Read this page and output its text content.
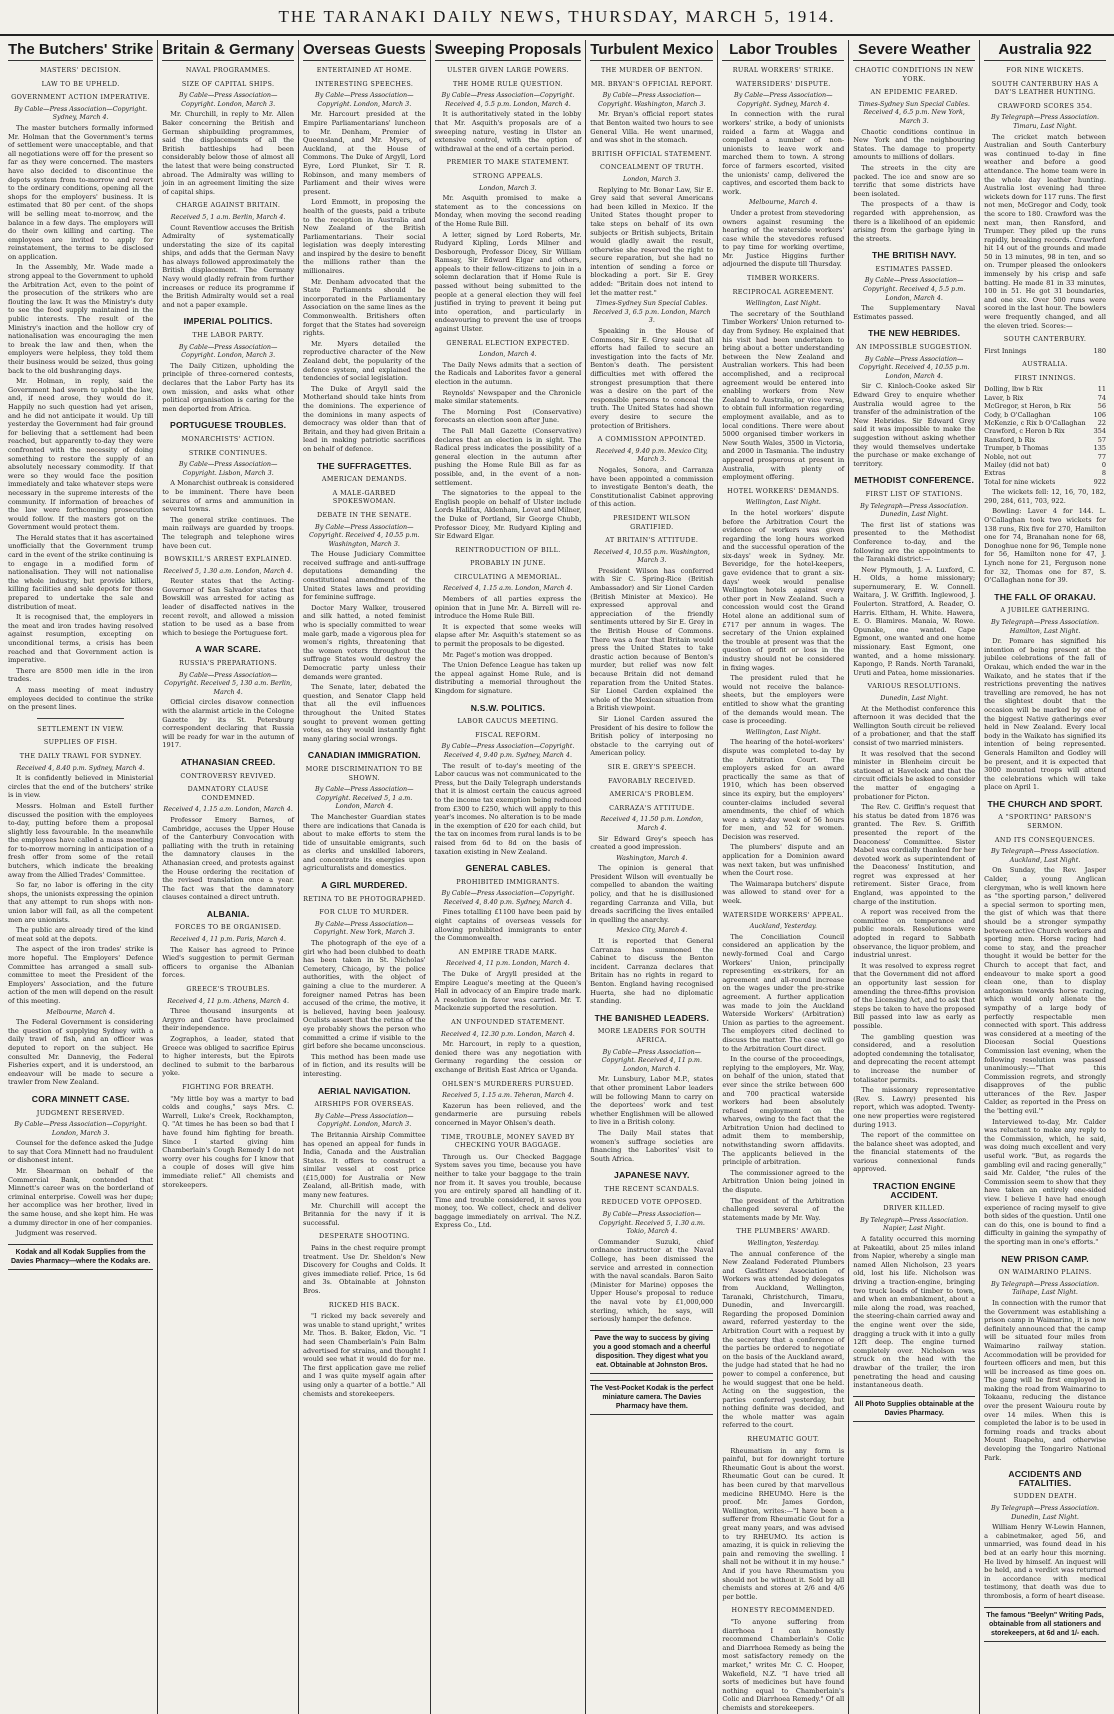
THE TARANAKI DAILY NEWS, THURSDAY, MARCH 5, 1914.
The Butchers' Strike
MASTERS' DECISION.
LAW TO BE UPHELD.
GOVERNMENT ACTION IMPERATIVE.
By Cable—Press Association—Copyright. Sydney, March 4.
The master butchers formally informed Mr. Holman that the Government's terms of settlement were unacceptable, and that all negotiations were off for the present so far as they were concerned. The masters have also decided to discontinue the depots system from to-morrow and revert to the ordinary conditions, opening all the shops for the employers' business. It is estimated that 80 per cent. of the shops will be selling meat to-morrow, and the balance in a few days. The employers will do their own killing and carting. The employees are invited to apply for reinstatement, the terms to be disclosed on application.
In the Assembly, Mr. Wade made a strong appeal to the Government to uphold the Arbitration Act, even to the point of the prosecution of the strikers who are flouting the law. It was the Ministry's duty to see the food supply maintained in the public interests. The result of the Ministry's inaction and the hollow cry of nationalisation was encouraging the men to break the law and then, when the employers were helpless, they told them their business would be seized, thus going back to the old bushranging days.
Mr. Holman, in reply, said the Government had sworn to uphold the law, and, if need arose, they would do it. Happily no such question had yet arisen, and he did not anticipate it would. Up till yesterday the Government had fair ground for believing that a settlement had been reached, but apparently to-day they were confronted with the necessity of doing something to restore the supply of an absolutely necessary commodity. If that were so they would face the position immediately and take whatever steps were necessary in the supreme interests of the community. If information of breaches of the law were forthcoming prosecution would follow. If the masters got on the Government would protect them.
The Herald states that it has ascertained unofficially that the Government trump card in the event of the strike continuing is to engage in a modified form of nationalisation. They will not nationalise the whole industry, but provide killers, killing facilities and sale depots for those prepared to undertake the sale and distribution of meat.
It is recognised that, the employers in the meat and iron trades having resolved against resumption, excepting on unconditional terms, a crisis has been reached and that Government action is imperative.
There are 8500 men idle in the iron trades.
A mass meeting of meat industry employees decided to continue the strike on the present lines.
SETTLEMENT IN VIEW.
SUPPLIES OF FISH.
THE DAILY TRAWL FOR SYDNEY.
Received 4, 8.40 p.m. Sydney, March 4.
It is confidently believed in Ministerial circles that the end of the butchers' strike is in view.
Messrs. Holman and Estell further discussed the position with the employees to-day, putting before them a proposal slightly less favourable. In the meanwhile the employees have called a mass meeting for to-morrow morning in anticipation of a fresh offer from some of the retail butchers, which indicate the breaking away from the Allied Trades' Committee.
So far, no labor is offering in the city shops, the unionists expressing the opinion that any attempt to run shops with non-union labor will fail, as all the competent men are unionists.
The public are already tired of the kind of meat sold at the depots.
The aspect of the iron trades' strike is more hopeful. The Employers' Defence Committee has arranged a small sub-committee to meet the President of the Employers' Association, and the future action of the men will depend on the result of this meeting.
Melbourne, March 4.
The Federal Government is considering the question of supplying Sydney with a daily trawl of fish, and an officer was deputed to report on the subject. He consulted Mr. Dannevig, the Federal Fisheries expert, and it is understood, an endeavour will be made to secure a trawler from New Zealand.
CORA MINNETT CASE.
JUDGMENT RESERVED.
By Cable—Press Association—Copyright. London, March 3.
Counsel for the defence asked the Judge to say that Cora Minnett had no fraudulent or dishonest intent.
Mr. Shearman on behalf of the Commercial Bank, contended that Minnett's career was on the borderland of criminal enterprise. Cowell was her dupe; her accomplice was her brother, lived in the same house, and she kept him. He was a dummy director in one of her companies.
Judgment was reserved.
Kodak and all Kodak Supplies from the Davies Pharmacy—where the Kodaks are.
Britain & Germany
NAVAL PROGRAMMES.
SIZE OF CAPITAL SHIPS.
By Cable—Press Association—Copyright. London, March 3.
Mr. Churchill, in reply to Mr. Allen Baker concerning the British and German shipbuilding programmes, said the displacements of all the British battleships had been considerably below those of almost all the latest that were being constructed abroad. The Admiralty was willing to join in an agreement limiting the size of capital ships.
CHARGE AGAINST BRITAIN.
Received 5, 1 a.m. Berlin, March 4.
Count Reventlow accuses the British Admiralty of systematically understating the size of its capital ships, and adds that the German Navy has always followed approximately the British displacement. The Germany Navy would gladly refrain from further increases or reduce its programme if the British Admiralty would set a real and not a paper example.
IMPERIAL POLITICS.
THE LABOR PARTY.
By Cable—Press Association—Copyright. London, March 3.
The Daily Citizen, upholding the principle of three-cornered contests, declares that the Labor Party has its own mission, and asks what other political organisation is caring for the men deported from Africa.
PORTUGUESE TROUBLES.
MONARCHISTS' ACTION.
STRIKE CONTINUES.
By Cable—Press Association—Copyright. Lisbon, March 3.
A Monarchist outbreak is considered to be imminent. There have been seizures of arms and ammunition in several towns.
The general strike continues. The main railways are guarded by troops. The telegraph and telephone wires have been cut.
BOWSKILL'S ARREST EXPLAINED.
Received 5, 1.30 a.m. London, March 4.
Reuter states that the Acting-Governor of San Salvador states that Bowskill was arrested for acting as leader of disaffected natives in the recent revolt, and allowed a mission station to be used as a base from which to besiege the Portuguese fort.
A WAR SCARE.
RUSSIA'S PREPARATIONS.
By Cable—Press Association—Copyright. Received 5, 130 a.m. Berlin, March 4.
Official circles disavow connection with the alarmist article in the Cologne Gazette by its St. Petersburg correspondent declaring that Russia will be ready for war in the autumn of 1917.
ATHANASIAN CREED.
CONTROVERSY REVIVED.
DAMNATORY CLAUSE CONDEMNED.
Received 4, 1.15 a.m. London, March 4.
Professor Emery Barnes, of Cambridge, accuses the Upper House of the Canterbury Convocation with palliating with the truth in retaining the damnatory clauses in the Athanasian creed, and protests against the House ordering the recitation of the revised translation once a year. The fact was that the damnatory clauses contained a direct untruth.
ALBANIA.
FORCES TO BE ORGANISED.
Received 4, 11 p.m. Paris, March 4.
The Kaiser has agreed to Prince Wied's suggestion to permit German officers to organise the Albanian forces.
GREECE'S TROUBLES.
Received 4, 11 p.m. Athens, March 4.
Three thousand insurgents at Argyro and Castro have proclaimed their independence.
Zographos, a leader, stated that Greece was obliged to sacrifice Epirus to higher interests, but the Epirots declined to submit to the barbarous yoke.
FIGHTING FOR BREATH.
"My little boy was a martyr to bad colds and coughs," says Mrs. C. Warrell, Luke's Creek, Rockhampton, Q. "At times he has been so bad that I have found him fighting for breath. Since I started giving him Chamberlain's Cough Remedy I do not worry over his coughs for I know that a couple of doses will give him immediate relief." All chemists and storekeepers.
Overseas Guests
ENTERTAINED AT HOME.
INTERESTING SPEECHES.
By Cable—Press Association—Copyright. London, March 3.
Mr. Harcourt presided at the Empire Parliamentarians' luncheon to Mr. Denham, Premier of Queensland, and Mr. Myers, of Auckland, at the House of Commons. The Duke of Argyll, Lord Eyre, Lord Plunket, Sir T. R. Robinson, and many members of Parliament and their wives were present.
Lord Emmott, in proposing the health of the guests, paid a tribute to the reception in Australia and New Zealand of the British Parliamentarians. Their social legislation was deeply interesting and inspired by the desire to benefit the millions rather than the millionaires.
Mr. Denham advocated that the State Parliaments should be incorporated in the Parliamentary Association on the same lines as the Commonwealth. Britishers often forget that the States had sovereign rights.
Mr. Myers detailed the reproductive character of the New Zealand debt, the popularity of the defence system, and explained the tendencies of social legislation.
The Duke of Argyll said the Motherland should take hints from the dominions. The experience of the dominions in many aspects of democracy was older than that of Britain, and they had given Britain a lead in making patriotic sacrifices on behalf of defence.
THE SUFFRAGETTES.
AMERICAN DEMANDS.
A MALE-GARBED SPOKESWOMAN.
DEBATE IN THE SENATE.
By Cable—Press Association—Copyright. Received 4, 10.55 p.m. Washington, March 3.
The House Judiciary Committee received suffrage and anti-suffrage deputations demanding the constitutional amendment of the United States laws and providing for feminine suffrage.
Doctor Mary Walker, trousered and silk hatted, a noted feminist who is specially committed to wear male garb, made a vigorous plea for women's rights, threatening that the women voters throughout the suffrage States would destroy the Democratic party unless their demands were granted.
The Senate, later, debated the question, and Senator Clapp held that all the evil influences throughout the United States sought to prevent women getting votes, as they would instantly fight many glaring social wrongs.
CANADIAN IMMIGRATION.
MORE DISCRIMINATION TO BE SHOWN.
By Cable—Press Association—Copyright. Received 5, 1 a.m. London, March 4.
The Manchester Guardian states there are indications that Canada is about to make efforts to stem the tide of unsuitable emigrants, such as clerks and unskilled laborers, and concentrate its energies upon agriculturalists and domestics.
A GIRL MURDERED.
RETINA TO BE PHOTOGRAPHED.
FOR CLUE TO MURDER.
By Cable—Press Association—Copyright. New York, March 3.
The photograph of the eye of a girl who had been clubbed to death has been taken in St. Nicholas' Cemetery, Chicago, by the police authorities, with the object of gaining a clue to the murderer. A foreigner named Petras has been accused of the crime, the motive, it is believed, having been jealousy. Oculists assert that the retina of the eye probably shows the person who committed a crime if visible to the girl before she became unconscious.
This method has been made use of in fiction, and its results will be interesting.
AERIAL NAVIGATION.
AIRSHIPS FOR OVERSEAS.
By Cable—Press Association—Copyright. London, March 3.
The Britannia Airship Committee has opened an appeal for funds in India, Canada and the Australian States. It offers to construct a similar vessel at cost price (£15,000) for Australia or New Zealand, all-British made, with many new features.
Mr. Churchill will accept the Britannia for the navy if it is successful.
DESPERATE SHOOTING.
Pains in the chest require prompt treatment. Use Dr. Sheldon's New Discovery for Coughs and Colds. It gives immediate relief. Price, 1s 6d and 3s. Obtainable at Johnston Bros.
RICKED HIS BACK.
"I ricked my back severely and was unable to stand upright," writes Mr. Thos. B. Baker, Ekdon, Vic. "I had seen Chamberlain's Pain Balm advertised for strains, and thought I would see what it would do for me. The first application gave me relief and I was quite myself again after using only a quarter of a bottle." All chemists and storekeepers.
Sweeping Proposals
ULSTER GIVEN LARGE POWERS.
THE HOME RULE QUESTION.
By Cable—Press Association—Copyright. Received 4, 5.5 p.m. London, March 4.
It is authoritatively stated in the lobby that Mr. Asquith's proposals are of a sweeping nature, vesting in Ulster an extensive control, with the option of withdrawal at the end of a certain period.
PREMIER TO MAKE STATEMENT.
STRONG APPEALS.
London, March 3.
Mr. Asquith promised to make a statement as to the concessions on Monday, when moving the second reading of the Home Rule Bill.
A letter, signed by Lord Roberts, Mr. Rudyard Kipling, Lords Milner and Desborough, Professor Dicey, Sir William Ramsay, Sir Edward Elgar and others, appeals to their fellow-citizens to join in a solemn declaration that if Home Rule is passed without being submitted to the people at a general election they will feel justified in trying to prevent it being put into operation, and particularly in endeavouring to prevent the use of troops against Ulster.
GENERAL ELECTION EXPECTED.
London, March 4.
The Daily News admits that a section of the Radicals and Laborites favor a general election in the autumn.
Reynolds' Newspaper and the Chronicle make similar statements.
The Morning Post (Conservative) forecasts an election soon after June.
The Pall Mall Gazette (Conservative) declares that an election is in sight. The Radical press indicates the possibility of a general election in the autumn after pushing the Home Rule Bill as far as possible, and, in the event of a non-settlement.
The signatories to the appeal to the English people on behalf of Ulster include Lords Halifax, Aldenham, Lovat and Milner, the Duke of Portland, Sir George Chubb, Professor Dicey, Mr. Rudyard Kipling and Sir Edward Elgar.
REINTRODUCTION OF BILL.
PROBABLY IN JUNE.
CIRCULATING A MEMORIAL.
Received 4, 1.15 a.m. London, March 4.
Members of all parties express the opinion that in June Mr. A. Birrell will re-introduce the Home Rule Bill.
It is expected that some weeks will elapse after Mr. Asquith's statement so as to permit the proposals to be digested.
Mr. Paget's motion was dropped.
The Union Defence League has taken up the appeal against Home Rule, and is distributing a memorial throughout the Kingdom for signature.
N.S.W. POLITICS.
LABOR CAUCUS MEETING.
FISCAL REFORM.
By Cable—Press Association—Copyright. Received 4, 9.40 p.m. Sydney, March 4.
The result of to-day's meeting of the Labor caucus was not communicated to the Press, but the Daily Telegraph understands that it is almost certain the caucus agreed to the income tax exemption being reduced from £300 to £250, which will apply to this year's incomes. No alteration is to be made in the exemption of £20 for each child, but the tax on incomes from rural lands is to be raised from 6d to 8d on the basis of taxation existing in New Zealand.
GENERAL CABLES.
PROHIBITED IMMIGRANTS.
By Cable—Press Association—Copyright. Received 4, 8.40 p.m. Sydney, March 4.
Fines totalling £1100 have been paid by eight captains of overseas vessels for allowing prohibited immigrants to enter the Commonwealth.
AN EMPIRE TRADE MARK.
Received 4, 11 p.m. London, March 4.
The Duke of Argyll presided at the Empire League's meeting at the Queen's Hall in advocacy of an Empire trade mark. A resolution in favor was carried. Mr. T. Mackenzie supported the resolution.
AN UNFOUNDED STATEMENT.
Received 4, 12.30 p.m. London, March 4.
Mr. Harcourt, in reply to a question, denied there was any negotiation with Germany regarding the cession or exchange of British East Africa or Uganda.
OHLSEN'S MURDERERS PURSUED.
Received 5, 1.15 a.m. Teheran, March 4.
Kazerun has been relieved, and the gendarmerie are pursuing rebels concerned in Mayor Ohlsen's death.
TIME, TROUBLE, MONEY SAVED BY CHECKING YOUR BAGGAGE.
Through us. Our Checked Baggage System saves you time, because you have neither to take your baggage to the train nor from it. It saves you trouble, because you are entirely spared all handling of it. Time and trouble considered, it saves you money, too. We collect, check and deliver baggage immediately on arrival. The N.Z. Express Co., Ltd.
Turbulent Mexico
THE MURDER OF BENTON.
MR. BRYAN'S OFFICIAL REPORT.
By Cable—Press Association—Copyright. Washington, March 3.
Mr. Bryan's official report states that Benton waited two hours to see General Villa. He went unarmed, and was shot in the stomach.
BRITISH OFFICIAL STATEMENT.
CONCEALMENT OF TRUTH.
London, March 3.
Replying to Mr. Bonar Law, Sir E. Grey said that several Americans had been killed in Mexico. If the United States thought proper to take steps on behalf of its own subjects or British subjects, Britain would gladly await the result, otherwise she reserved the right to secure reparation, but she had no intention of sending a force or blockading a port. Sir E. Grey added: "Britain does not intend to let the matter rest."
Times-Sydney Sun Special Cables. Received 3, 6.5 p.m. London, March 3.
Speaking in the House of Commons, Sir E. Grey said that all efforts had failed to secure an investigation into the facts of Mr. Benton's death. The persistent difficulties met with offered the strongest presumption that there was a desire on the part of the responsible persons to conceal the truth. The United States had shown every desire to secure the protection of Britishers.
A COMMISSION APPOINTED.
Received 4, 9.40 p.m. Mexico City, March 3.
Nogales, Sonora, and Carranza have been appointed a commission to investigate Benton's death, the Constitutionalist Cabinet approving of this action.
PRESIDENT WILSON GRATIFIED.
AT BRITAIN'S ATTITUDE.
Received 4, 10.55 p.m. Washington, March 3.
President Wilson has conferred with Sir C. Spring-Rice (British Ambassador) and Sir Lionel Carden (British Minister at Mexico). He expressed approval and appreciation of the friendly sentiments uttered by Sir E. Grey in the British House of Commons. There was a fear that Britain would press the United States to take drastic action because of Benton's murder, but relief was now felt because Britain did not demand reparation from the United States. Sir Lionel Carden explained the whole of the Mexican situation from a British viewpoint.
Sir Lionel Carden assured the President of his desire to follow the British policy of interposing no obstacle to the carrying out of American policy.
SIR E. GREY'S SPEECH.
FAVORABLY RECEIVED.
AMERICA'S PROBLEM.
CARRAZA'S ATTITUDE.
Received 4, 11.50 p.m. London, March 4.
Sir Edward Grey's speech has created a good impression.
Washington, March 4.
The opinion is general that President Wilson will eventually be compelled to abandon the waiting policy, and that he is disillusioned regarding Carranza and Villa, but dreads sacrificing the lives entailed in quelling the anarchy.
Mexico City, March 4.
It is reported that General Carranza has summoned the Cabinet to discuss the Benton incident. Carranza declares that Britain has no rights in regard to Benton. England having recognised Huerta, she had no diplomatic standing.
THE BANISHED LEADERS.
MORE LEADERS FOR SOUTH AFRICA.
By Cable—Press Association—Copyright. Received 4, 11 p.m. London, March 4.
Mr. Lunsbury, Labor M.P., states that other prominent Labor leaders will be following Mann to carry on the deportees' work and test whether Englishmen will be allowed to live in a British colony.
The Daily Mail states that women's suffrage societies are financing the Laborites' visit to South Africa.
JAPANESE NAVY.
THE RECENT SCANDALS.
REDUCED VOTE OPPOSED.
By Cable—Press Association—Copyright. Received 5, 1.30 a.m. Tokio, March 4.
Commander Suzuki, chief ordnance instructor at the Naval College, has been dismissed the service and arrested in connection with the naval scandals. Baron Saito (Minister for Marine) opposes the Upper House's proposal to reduce the naval vote by £1,000,000 sterling, which, he says, will seriously hamper the defence.
Pave the way to success by giving you a good stomach and a cheerful disposition. They digest what you eat. Obtainable at Johnston Bros.
The Vest-Pocket Kodak is the perfect miniature camera. The Davies Pharmacy have them.
Labor Troubles
RURAL WORKERS' STRIKE.
WATERSIDERS' DISPUTE.
By Cable—Press Association—Copyright. Sydney, March 4.
In connection with the rural workers' strike, a body of unionists raided a farm at Wagga and compelled a number of non-unionists to leave work and marched them to town. A strong force of farmers escorted, visited the unionists' camp, delivered the captives, and escorted them back to work.
Melbourne, March 4.
Under a protest from stevedoring owners against resuming the hearing of the waterside workers' case while the stevedores refused to pay time for working overtime, Mr. Justice Higgins further adjourned the dispute till Thursday.
TIMBER WORKERS.
RECIPROCAL AGREEMENT.
Wellington, Last Night.
The secretary of the Southland Timber Workers' Union returned to-day from Sydney. He explained that his visit had been undertaken to bring about a better understanding between the New Zealand and Australian workers. This had been accomplished, and a reciprocal agreement would be entered into enabling workers from New Zealand to Australia, or vice versa, to obtain full information regarding employment available, and as to local conditions. There were about 5000 organised timber workers in New South Wales, 3500 in Victoria, and 2000 in Tasmania. The industry appeared prosperous at present in Australia, with plenty of employment offering.
HOTEL WORKERS' DEMANDS.
Wellington, Last Night.
In the hotel workers' dispute before the Arbitration Court the evidence of workers was given regarding the long hours worked and the successful operation of the six-days' week in Sydney. Mr. Beveridge, for the hotel-keepers, gave evidence that to grant a six-days' week would penalise Wellington hotels against every other port in New Zealand. Such a concession would cost the Grand Hotel alone an additional sum of £717 per annum in wages. The secretary of the Union explained the trouble at present was that the question of profit or loss in the industry should not be considered in fixing wages.
The president ruled that he would not receive the balance-sheets, but the employers were entitled to show what the granting of the demands would mean. The case is proceeding.
Wellington, Last Night.
The hearing of the hotel-workers' dispute was completed to-day by the Arbitration Court. The employers asked for an award practically the same as that of 1910, which has been observed since its expiry, but the employers' counter-claims included several amendments, the chief of which were a sixty-day week of 56 hours for men, and 52 for women. Decision was reserved.
The plumbers' dispute and an application for a Dominion award was next taken, but was unfinished when the Court rose.
The Waimarapa butchers' dispute was allowed to stand over for a week.
WATERSIDE WORKERS' APPEAL.
Auckland, Yesterday.
The Conciliation Council considered an application by the newly-formed Coal and Cargo Workers' Union, principally representing ex-strikers, for an agreement and all-round increase on the wages under the pre-strike agreement. A further application was made to join the Auckland Waterside Workers' (Arbitration) Union as parties to the agreement. The employers cited declined to discuss the matter. The case will go to the Arbitration Court direct.
In the course of the proceedings, replying to the employers, Mr. Way, on behalf of the union, stated that ever since the strike between 600 and 700 practical waterside workers had been absolutely refused employment on the wharves, owing to the fact that the Arbitration Union had declined to admit them to membership, notwithstanding sworn affidavits. The applicants believed in the principle of arbitration.
The commissioner agreed to the Arbitration Union being joined in the dispute.
The president of the Arbitration challenged several of the statements made by Mr. Way.
THE PLUMBERS' AWARD.
Wellington, Yesterday.
The annual conference of the New Zealand Federated Plumbers and Gasfitters' Association of Workers was attended by delegates from Auckland, Wellington, Taranaki, Christchurch, Timaru, Dunedin, and Invercargill. Regarding the proposed Dominion award, referred yesterday to the Arbitration Court with a request by the secretary that a conference of the parties be ordered to negotiate on the basis of the Auckland award, the judge had stated that he had no power to compel a conference, but he would suggest that one be held. Acting on the suggestion, the parties conferred yesterday, but nothing definite was decided, and the whole matter was again referred to the court.
RHEUMATIC GOUT.
Rheumatism in any form is painful, but for downright torture Rheumatic Gout is about the worst. Rheumatic Gout can be cured. It has been cured by that marvellous medicine RHEUMO. Here is the proof. Mr. James Gordon, Wellington, writes:—"I have been a sufferer from Rheumatic Gout for a great many years, and was advised to try RHEUMO. Its action is amazing, it is quick in relieving the pain and removing the swelling. I shall not be without it in my house." And if you have Rheumatism you should not be without it. Sold by all chemists and stores at 2/6 and 4/6 per bottle.
HONESTY RECOMMENDED.
"To anyone suffering from diarrhoea I can honestly recommend Chamberlain's Colic and Diarrhoea Remedy as being the most satisfactory remedy on the market," writes Mr. C. C. Hooper, Wakefield, N.Z. "I have tried all sorts of medicines but have found nothing equal to Chamberlain's Colic and Diarrhoea Remedy." Of all chemists and storekeepers.
Severe Weather
CHAOTIC CONDITIONS IN NEW YORK.
AN EPIDEMIC FEARED.
Times-Sydney Sun Special Cables. Received 4, 6.5 p.m. New York, March 3.
Chaotic conditions continue in New York and the neighbouring States. The damage to property amounts to millions of dollars.
The streets in the city are packed. The ice and snow are so terrific that some districts have been isolated.
The prospects of a thaw is regarded with apprehension, as there is a likelihood of an epidemic arising from the garbage lying in the streets.
THE BRITISH NAVY.
ESTIMATES PASSED.
By Cable—Press Association—Copyright. Received 4, 5.5 p.m. London, March 4.
The Supplementary Naval Estimates passed.
THE NEW HEBRIDES.
AN IMPOSSIBLE SUGGESTION.
By Cable—Press Association—Copyright. Received 4, 10.55 p.m. London, March 4.
Sir C. Kinloch-Cooke asked Sir Edward Grey to enquire whether Australia would agree to the transfer of the administration of the New Hebrides. Sir Edward Grey said it was impossible to make the suggestion without asking whether they would themselves undertake the purchase or make exchange of territory.
METHODIST CONFERENCE.
FIRST LIST OF STATIONS.
By Telegraph—Press Association. Dunedin, Last Night.
The first list of stations was presented to the Methodist Conference to-day, and the following are the appointments to the Taranaki district:—
New Plymouth, J. A. Luxford, C. H. Olds, a home missionary; supernumerary, E. W. Connell. Waitara, J. W. Griffith. Inglewood, J. Foulerton. Stratford, A. Reader, O. Harris. Eltham, H. Whitе. Hawera, E. O. Blamires. Manaia, W. Rowe. Opunake, one wanted. Cape Egmont, one wanted and one home missionary. East Egmont, one wanted, and a home missionary. Kapongo, P. Rands. North Taranaki, Uruti and Patea, home missionaries.
VARIOUS RESOLUTIONS.
Dunedin, Last Night.
At the Methodist conference this afternoon it was decided that the Wellington South circuit be relieved of a probationer, and that the staff consist of two married ministers.
It was resolved that the second minister in Blenheim circuit be stationed at Havelock and that the circuit officials be asked to consider the matter of engaging a probationer for Picton.
The Rev. C. Griffin's request that his status be dated from 1876 was granted. The Rev. S. Griffith presented the report of the Deaconess' Committee. Sister Mabel was cordially thanked for her devoted work as superintendent of the Deaconess' Institution, and regret was expressed at her retirement. Sister Grace, from England, was appointed to the charge of the institution.
A report was received from the committee on temperance and public morals. Resolutions were adopted in regard to Sabbath observance, the liquor problem, and industrial unrest.
It was resolved to express regret that the Government did not afford an opportunity last session for amending the three-fifths provision of the Licensing Act, and to ask that steps be taken to have the proposed Bill passed into law as early as possible.
The gambling question was considered, and a resolution adopted condemning the totalisator, and deprecating the recent attempt to increase the number of totalisator permits.
The missionary representative (Rev. S. Lawry) presented his report, which was adopted. Twenty-one new properties were registered during 1913.
The report of the committee on the balance sheet was adopted, and the financial statements of the various connexional funds approved.
TRACTION ENGINE ACCIDENT.
DRIVER KILLED.
By Telegraph—Press Association. Napier, Last Night.
A fatality occurred this morning at Pakeatiki, about 25 miles inland from Napier, whereby a single man named Allen Nicholson, 23 years old, lost his life. Nicholson was driving a traction-engine, bringing two truck loads of timber to town, and when an embankment, about a mile along the road, was reached, the steering-chain carried away and the engine went over the side, dragging a truck with it into a gully 12ft deep. The engine turned completely over. Nicholson was struck on the head with the drawbar of the trailer, the iron penetrating the head and causing instantaneous death.
All Photo Supplies obtainable at the Davies Pharmacy.
Australia 922
FOR NINE WICKETS.
SOUTH CANTERBURY HAS A DAY'S LEATHER HUNTING.
CRAWFORD SCORES 354.
By Telegraph—Press Association. Timaru, Last Night.
The cricket match between Australian and South Canterbury was continued to-day in fine weather and before a good attendance. The home team were in the whole day leather hunting. Australia lost evening had three wickets down for 117 runs. The first not men, McGregor and Cody, took the score to 180. Crawford was the next man, then Ransford, and Trumper. They piled up the runs rapidly, breaking records. Crawford hit 14 out of the grounds and made 50 in 13 minutes, 98 in ten, and so on. Trumper pleased the onlookers immensely by his crisp and safe batting. He made 81 in 33 minutes, 100 in 51. He got 31 boundaries, and one six. Over 500 runs were scored in the last hour. The bowlers were frequently changed, and all the eleven tried. Scores:—
SOUTH CANTERBURY.
First Innings	180
AUSTRALIA.
FIRST INNINGS.
Dolling, lbw b Rix	11
Laver, b Rix	74
McGregor, st Heron, b Rix	56
Cody, b O'Callaghan	106
McKenzie, c Rix b O'Callaghan	22
Crawford, c Heron b Rix	354
Ransford, b Rix	57
Trumper, b Thomas	135
Noble, not out	77
Mailey (did not bat)	0
Extras	8
Total for nine wickets	922
The wickets fell: 12, 16, 70, 182, 290, 284, 611, 703, 922.
Bowling: Laver 4 for 144. L. O'Callaghan took two wickets for 138 runs, Rix five for 270, Hamilton one for 74, Branahan none for 68, Donoghue none for 96, Temple none for 56, Hamilton none for 47, J. Lynch none for 21, Ferguson none for 32, Thomas one for 87, S. O'Callaghan none for 39.
THE FALL OF ORAKAU.
A JUBILEE GATHERING.
By Telegraph—Press Association. Hamilton, Last Night.
Dr. Pomare has signified his intention of being present at the jubilee celebrations of the fall of Orakau, which ended the war in the Waikato, and he states that if the restrictions preventing the natives travelling are removed, he has not the slightest doubt that the occasion will be marked by one of the biggest Native gatherings ever held in New Zealand. Every local body in the Waikato has signified its intention of being represented. Generals Hamilton and Godley will be present, and it is expected that 3000 mounted troops will attend the celebrations which will take place on April 1.
THE CHURCH AND SPORT.
A "SPORTING" PARSON'S SERMON.
AND ITS CONSEQUENCES.
By Telegraph—Press Association. Auckland, Last Night.
On Sunday, the Rev. Jasper Calder, a young Anglican clergyman, who is well known here as "the sporting parson," delivered a special sermon to sporting men, the gist of which was that there should be a stronger sympathy between active Church workers and sporting men. Horse racing had come to stay, and the preacher thought it would be better for the Church to accept that fact, and endeavour to make sport a good clean one, than to display antagonism towards horse racing, which would only alienate the sympathy of a large body of perfectly respectable men connected with sport. This address was considered at a meeting of the Diocesan Social Questions Commission last evening, when the following resolution was passed unanimously:—"That this Commission regrets, and strongly disapproves of the public utterances of the Rev. Jasper Calder, as reported in the Press on the 'betting evil.'"
Interviewed to-day, Mr. Calder was reluctant to make any reply to the Commission, which, he said, was doing much excellent and very useful work. "But, as regards the gambling evil and racing generally," said Mr. Calder, "the rules of the Commission seem to show that they have taken an entirely one-sided view. I believe I have had enough experience of racing myself to give both sides of the question. Until one can do this, one is bound to find a difficulty in gaining the sympathy of the sporting man in one's efforts."
NEW PRISON CAMP.
ON WAIMARINO PLAINS.
By Telegraph—Press Association. Taihape, Last Night.
In connection with the rumor that the Government was establishing a prison camp in Waimarino, it is now definitely announced that the camp will be situated four miles from Waimarino railway station. Accommodation will be provided for fourteen officers and men, but this will be increased as time goes on. The gang will be first employed in making the road from Waimarino to Tokaanu, reducing the distance over the present Waiouru route by over 14 miles. When this is completed the labor is to be used in forming roads and tracks about Mount Ruapehu, and otherwise developing the Tongariro National Park.
ACCIDENTS AND FATALITIES.
SUDDEN DEATH.
By Telegraph—Press Association. Dunedin, Last Night.
William Henry W-Lewin Hannen, a cabinetmaker, aged 56, and unmarried, was found dead in his bed at an early hour this morning. He lived by himself. An inquest will be held, and a verdict was returned in accordance with medical testimony, that death was due to thrombosis, a form of heart disease.
The famous "Beelyn" Writing Pads, obtainable from all stationers and storekeepers, at 6d and 1/- each.
